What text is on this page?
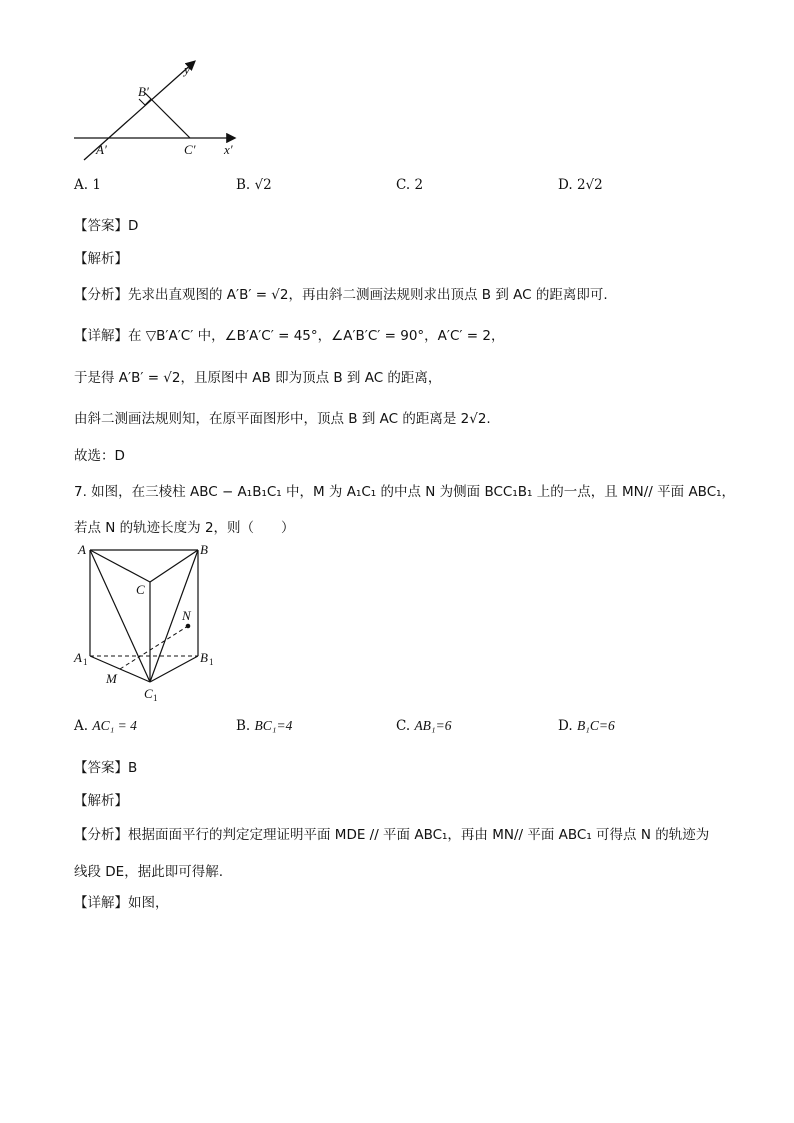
y′
x′
B′
A′	C′
A. 1	B. √2	C. 2	D. 2√2
【答案】D
【解析】
【分析】先求出直观图的 A′B′ = √2，再由斜二测画法规则求出顶点 B 到 AC 的距离即可.
【详解】在 ▽B′A′C′ 中，∠B′A′C′ = 45°，∠A′B′C′ = 90°，A′C′ = 2，
于是得 A′B′ = √2，且原图中 AB 即为顶点 B 到 AC 的距离，
由斜二测画法规则知，在原平面图形中，顶点 B 到 AC 的距离是 2√2.
故选：D
7. 如图，在三棱柱 ABC − A₁B₁C₁ 中，M 为 A₁C₁ 的中点 N 为侧面 BCC₁B₁ 上的一点，且 MN// 平面 ABC₁，
若点 N 的轨迹长度为 2，则（　　）
A	B
C
N
A 1	B 1
M
C 1
A. AC₁ = 4	B. BC₁=4	C. AB₁=6	D. B₁C=6
【答案】B
【解析】
【分析】根据面面平行的判定定理证明平面 MDE // 平面 ABC₁，再由 MN// 平面 ABC₁ 可得点 N 的轨迹为
线段 DE，据此即可得解.
【详解】如图，
